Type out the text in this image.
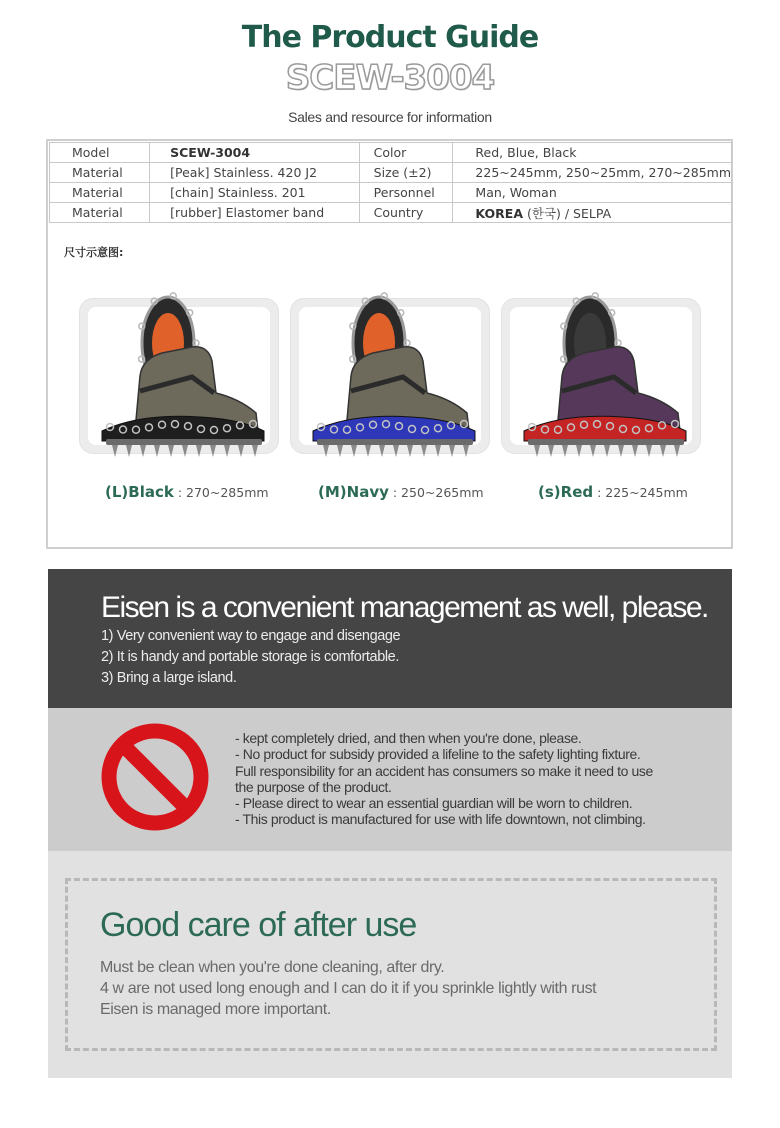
The Product Guide
SCEW-3004
Sales and resource for information
Model	SCEW-3004	Color	Red, Blue, Black
Material	[Peak] Stainless. 420 J2	Size (±2)	225~245mm, 250~25mm, 270~285mm
Material	[chain] Stainless. 201	Personnel	Man, Woman
Material	[rubber] Elastomer band	Country	KOREA (한국) / SELPA
尺寸示意图:
(L)Black : 270~285mm	(M)Navy : 250~265mm	(s)Red : 225~245mm
Eisen is a convenient management as well, please.
1) Very convenient way to engage and disengage
2) It is handy and portable storage is comfortable.
3) Bring a large island.
- kept completely dried, and then when you're done, please.
- No product for subsidy provided a lifeline to the safety lighting fixture.
Full responsibility for an accident has consumers so make it need to use
the purpose of the product.
- Please direct to wear an essential guardian will be worn to children.
- This product is manufactured for use with life downtown, not climbing.
Good care of after use
Must be clean when you're done cleaning, after dry.
4 w are not used long enough and I can do it if you sprinkle lightly with rust
Eisen is managed more important.
